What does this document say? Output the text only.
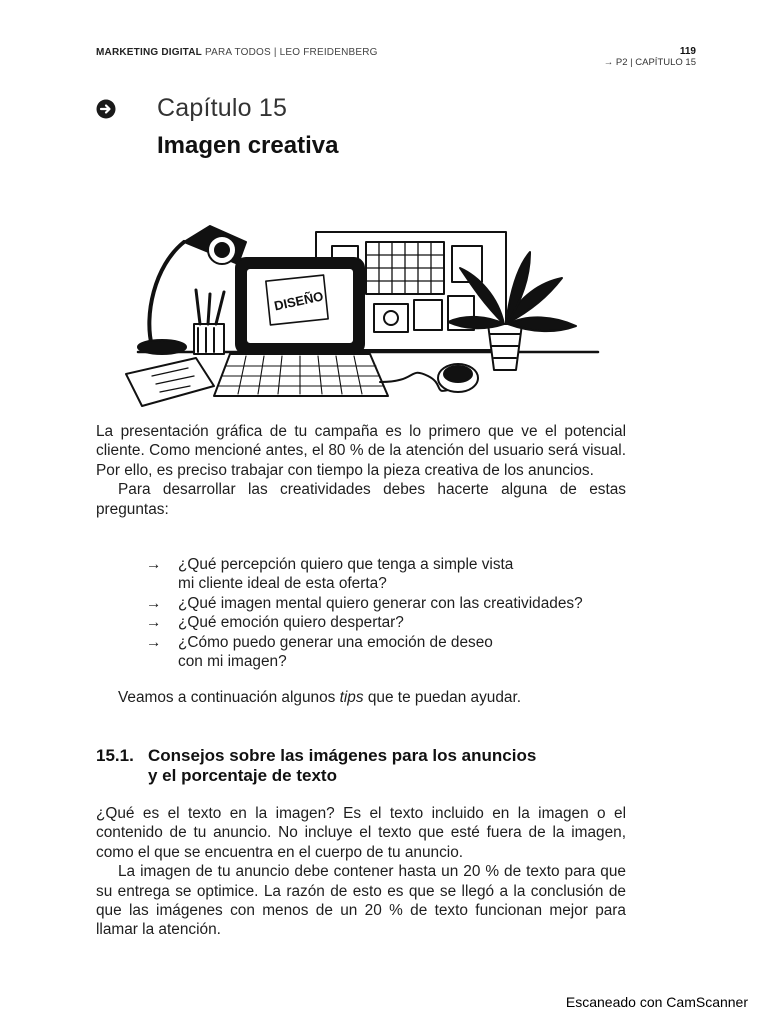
MARKETING DIGITAL PARA TODOS | LEO FREIDENBERG	119
→ P2 | CAPÍTULO 15
Capítulo 15
Imagen creativa
DISEÑO

La presentación gráfica de tu campaña es lo primero que ve el potencial cliente. Como mencioné antes, el 80 % de la atención del usuario será visual. Por ello, es preciso trabajar con tiempo la pieza creativa de los anuncios.

Para desarrollar las creatividades debes hacerte alguna de estas preguntas:

→ ¿Qué percepción quiero que tenga a simple vista
mi cliente ideal de esta oferta?
→ ¿Qué imagen mental quiero generar con las creatividades?
→ ¿Qué emoción quiero despertar?
→ ¿Cómo puedo generar una emoción de deseo
con mi imagen?
Veamos a continuación algunos tips que te puedan ayudar.
15.1. Consejos sobre las imágenes para los anuncios
y el porcentaje de texto

¿Qué es el texto en la imagen? Es el texto incluido en la imagen o el contenido de tu anuncio. No incluye el texto que esté fuera de la imagen, como el que se encuentra en el cuerpo de tu anuncio.

La imagen de tu anuncio debe contener hasta un 20 % de texto para que su entrega se optimice. La razón de esto es que se llegó a la conclusión de que las imágenes con menos de un 20 % de texto funcionan mejor para llamar la atención.

Escaneado con CamScanner
